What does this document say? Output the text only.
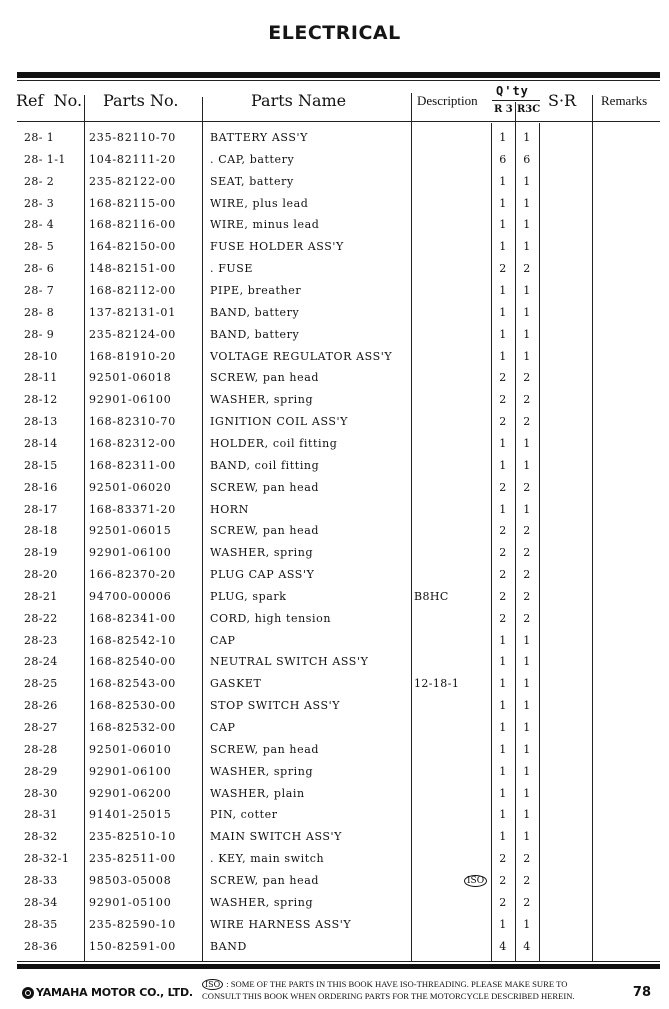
ELECTRICAL
Ref  No. Parts No.	Parts Name	Description
Q'ty
R 3 R3C S·R Remarks
28- 1	235-82110-70	BATTERY ASS'Y	1	1
28- 1-1 104-82111-20	. CAP, battery	6	6
28- 2	235-82122-00	SEAT, battery	1	1
28- 3	168-82115-00	WIRE, plus lead	1	1
28- 4	168-82116-00	WIRE, minus lead	1	1
28- 5	164-82150-00	FUSE HOLDER ASS'Y	1	1
28- 6	148-82151-00	. FUSE	2	2
28- 7	168-82112-00	PIPE, breather	1	1
28- 8	137-82131-01	BAND, battery	1	1
28- 9	235-82124-00	BAND, battery	1	1
28-10	168-81910-20	VOLTAGE REGULATOR ASS'Y	1	1
28-11	92501-06018	SCREW, pan head	2	2
28-12	92901-06100	WASHER, spring	2	2
28-13	168-82310-70	IGNITION COIL ASS'Y	2	2
28-14	168-82312-00	HOLDER, coil fitting	1	1
28-15	168-82311-00	BAND, coil fitting	1	1
28-16	92501-06020	SCREW, pan head	2	2
28-17	168-83371-20	HORN	1	1
28-18	92501-06015	SCREW, pan head	2	2
28-19	92901-06100	WASHER, spring	2	2
28-20	166-82370-20	PLUG CAP ASS'Y	2	2
28-21	94700-00006	PLUG, spark	B8HC	2	2
28-22	168-82341-00	CORD, high tension	2	2
28-23	168-82542-10	CAP	1	1
28-24	168-82540-00	NEUTRAL SWITCH ASS'Y	1	1
28-25	168-82543-00	GASKET	12-18-1	1	1
28-26	168-82530-00	STOP SWITCH ASS'Y	1	1
28-27	168-82532-00	CAP	1	1
28-28	92501-06010	SCREW, pan head	1	1
28-29	92901-06100	WASHER, spring	1	1
28-30	92901-06200	WASHER, plain	1	1
28-31	91401-25015	PIN, cotter	1	1
28-32	235-82510-10	MAIN SWITCH ASS'Y	1	1
28-32-1 235-82511-00	. KEY, main switch	2	2
28-33	98503-05008	SCREW, pan head	2	2
ISO
28-34	92901-05100	WASHER, spring	2	2
28-35	235-82590-10	WIRE HARNESS ASS'Y	1	1
28-36	150-82591-00	BAND	4	4
YAMAHA MOTOR CO., LTD.
ISO : SOME OF THE PARTS IN THIS BOOK HAVE ISO-THREADING. PLEASE MAKE SURE TO
CONSULT THIS BOOK WHEN ORDERING PARTS FOR THE MOTORCYCLE DESCRIBED HEREIN.	78
